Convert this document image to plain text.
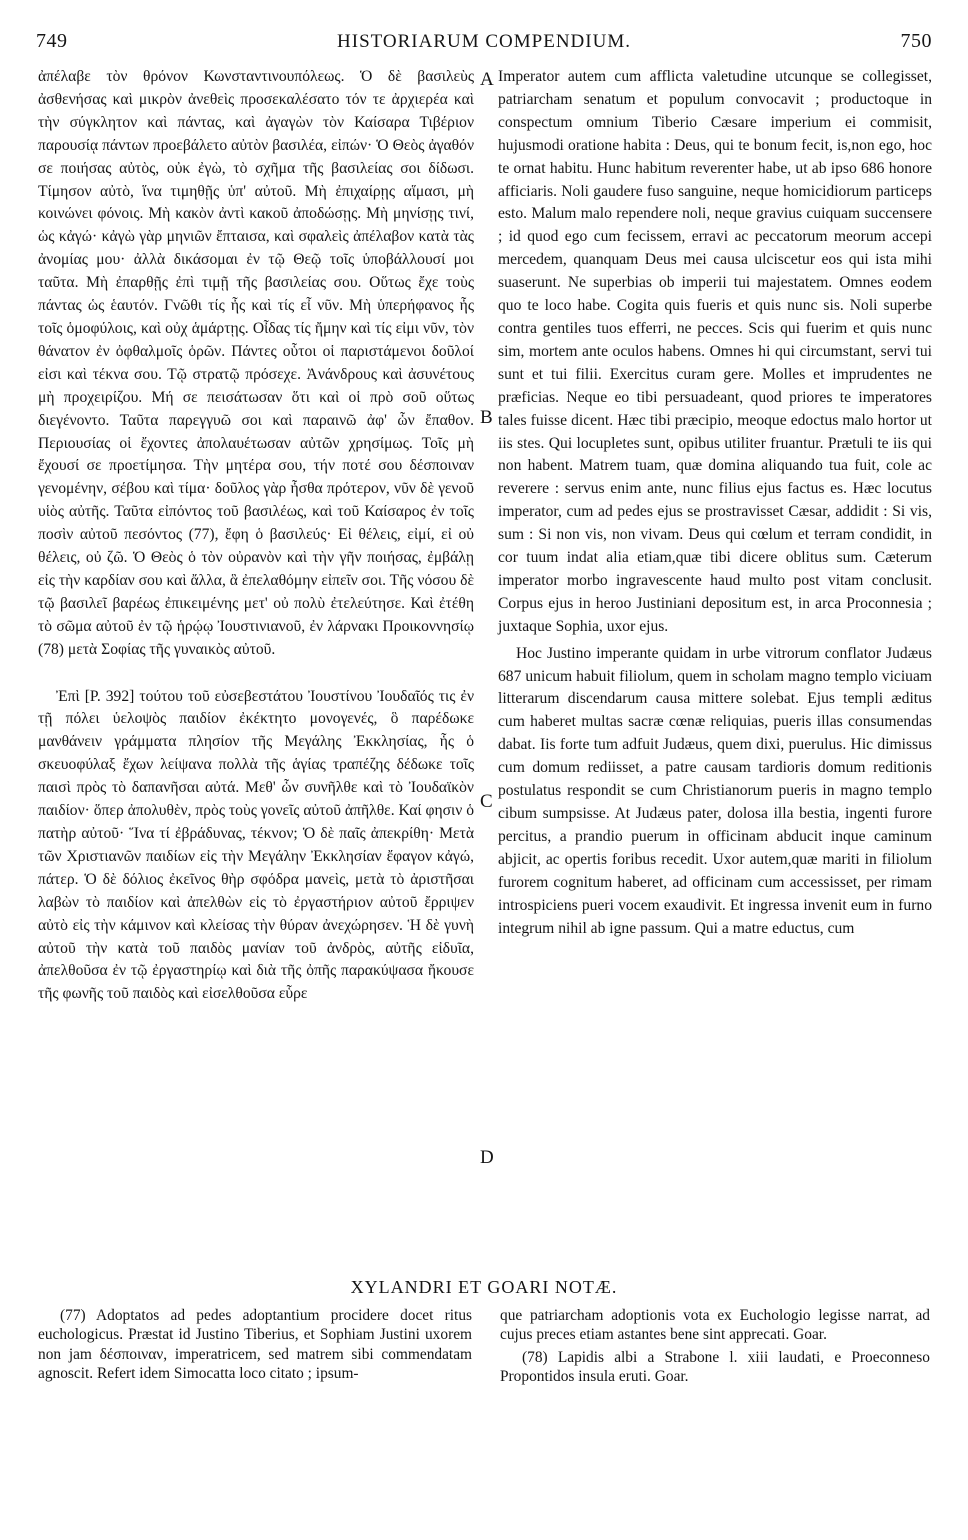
749	HISTORIARUM COMPENDIUM.	750

ἀπέλαβε τὸν θρόνον Κωνσταντινουπόλεως. Ὁ δὲ βασιλεὺς ἀσθενήσας καὶ μικρὸν ἀνεθεὶς προσεκαλέσατο τόν τε ἀρχιερέα καὶ τὴν σύγκλητον καὶ πάντας, καὶ ἀγαγὼν τὸν Καίσαρα Τιβέριον παρουσίᾳ πάντων προεβάλετο αὐτὸν βασιλέα, εἰπών· Ὁ Θεὸς ἀγαθόν σε ποιήσας αὐτὸς, οὐκ ἐγὼ, τὸ σχῆμα τῆς βασιλείας σοι δίδωσι. Τίμησον αὐτὸ, ἵνα τιμηθῇς ὑπ' αὐτοῦ. Μὴ ἐπιχαίρῃς αἵμασι, μὴ κοινώνει φόνοις. Μὴ κακὸν ἀντὶ κακοῦ ἀποδώσῃς. Μὴ μηνίσῃς τινί, ὡς κἀγώ· κἀγὼ γὰρ μηνιῶν ἔπταισα, καὶ σφαλεὶς ἀπέλαβον κατὰ τὰς ἀνομίας μου· ἀλλὰ δικάσομαι ἐν τῷ Θεῷ τοῖς ὑποβάλλουσί μοι ταῦτα. Μὴ ἐπαρθῇς ἐπὶ τιμῇ τῆς βασιλείας σου. Οὕτως ἔχε τοὺς πάντας ὡς ἑαυτόν. Γνῶθι τίς ἦς καὶ τίς εἶ νῦν. Μὴ ὑπερήφανος ἦς τοῖς ὁμοφύλοις, καὶ οὐχ ἁμάρτῃς. Οἶδας τίς ἤμην καὶ τίς εἰμι νῦν, τὸν θάνατον ἐν ὀφθαλμοῖς ὁρῶν. Πάντες οὗτοι οἱ παριστάμενοι δοῦλοί εἰσι καὶ τέκνα σου. Τῷ στρατῷ πρόσεχε. Ἀνάνδρους καὶ ἀσυνέτους μὴ προχειρίζου. Μή σε πεισάτωσαν ὅτι καὶ οἱ πρὸ σοῦ οὕτως διεγένοντο. Ταῦτα παρεγγυῶ σοι καὶ παραινῶ ἀφ' ὧν ἔπαθον. Περιουσίας οἱ ἔχοντες ἀπολαυέτωσαν αὐτῶν χρησίμως. Τοῖς μὴ ἔχουσί σε προετίμησα. Τὴν μητέρα σου, τήν ποτέ σου δέσποιναν γενομένην, σέβου καὶ τίμα· δοῦλος γὰρ ἦσθα πρότερον, νῦν δὲ γενοῦ υἱὸς αὐτῆς. Ταῦτα εἰπόντος τοῦ βασιλέως, καὶ τοῦ Καίσαρος ἐν τοῖς ποσὶν αὐτοῦ πεσόντος (77), ἔφη ὁ βασιλεύς· Εἰ θέλεις, εἰμί, εἰ οὐ θέλεις, οὐ ζῶ. Ὁ Θεὸς ὁ τὸν οὐρανὸν καὶ τὴν γῆν ποιήσας, ἐμβάλῃ εἰς τὴν καρδίαν σου καὶ ἄλλα, ἃ ἐπελαθόμην εἰπεῖν σοι. Τῆς νόσου δὲ τῷ βασιλεῖ βαρέως ἐπικειμένης μετ' οὐ πολὺ ἐτελεύτησε. Καὶ ἐτέθη τὸ σῶμα αὐτοῦ ἐν τῷ ἡρῴῳ Ἰουστινιανοῦ, ἐν λάρνακι Προικοννησίῳ (78) μετὰ Σοφίας τῆς γυναικὸς αὐτοῦ.

Ἐπὶ [P. 392] τούτου τοῦ εὐσεβεστάτου Ἰουστίνου Ἰουδαῖός τις ἐν τῇ πόλει ὑελοψὸς παιδίον ἐκέκτητο μονογενές, ὃ παρέδωκε μανθάνειν γράμματα πλησίον τῆς Μεγάλης Ἐκκλησίας, ἧς ὁ σκευοφύλαξ ἔχων λείψανα πολλὰ τῆς ἁγίας τραπέζης δέδωκε τοῖς παισὶ πρὸς τὸ δαπανῆσαι αὐτά. Μεθ' ὧν συνῆλθε καὶ τὸ Ἰουδαϊκὸν παιδίον· ὅπερ ἀπολυθὲν, πρὸς τοὺς γονεῖς αὐτοῦ ἀπῆλθε. Καί φησιν ὁ πατὴρ αὐτοῦ· Ἵνα τί ἐβράδυνας, τέκνον; Ὁ δὲ παῖς ἀπεκρίθη· Μετὰ τῶν Χριστιανῶν παιδίων εἰς τὴν Μεγάλην Ἐκκλησίαν ἔφαγον κἀγώ, πάτερ. Ὁ δὲ δόλιος ἐκεῖνος θὴρ σφόδρα μανεὶς, μετὰ τὸ ἀριστῆσαι λαβὼν τὸ παιδίον καὶ ἀπελθὼν εἰς τὸ ἐργαστήριον αὐτοῦ ἔρριψεν αὐτὸ εἰς τὴν κάμινον καὶ κλείσας τὴν θύραν ἀνεχώρησεν. Ἡ δὲ γυνὴ αὐτοῦ τὴν κατὰ τοῦ παιδὸς μανίαν τοῦ ἀνδρὸς, αὐτῆς εἰδυῖα, ἀπελθοῦσα ἐν τῷ ἐργαστηρίῳ καὶ διὰ τῆς ὀπῆς παρακύψασα ἤκουσε τῆς φωνῆς τοῦ παιδὸς καὶ εἰσελθοῦσα εὗρε

Imperator autem cum afflicta valetudine utcunque se collegisset, patriarcham senatum et populum convocavit ; productoque in conspectum omnium Tiberio Cæsare imperium ei commisit, hujusmodi oratione habita : Deus, qui te bonum fecit, is,non ego, hoc te ornat habitu. Hunc habitum reverenter habe, ut ab ipso 686 honore afficiaris. Noli gaudere fuso sanguine, neque homicidiorum particeps esto. Malum malo rependere noli, neque gravius cuiquam succensere ; id quod ego cum fecissem, erravi ac peccatorum meorum accepi mercedem, quanquam Deus mei causa ulciscetur eos qui ista mihi suaserunt. Ne superbias ob imperii tui majestatem. Omnes eodem quo te loco habe. Cogita quis fueris et quis nunc sis. Noli superbe contra gentiles tuos efferri, ne pecces. Scis qui fuerim et quis nunc sim, mortem ante oculos habens. Omnes hi qui circumstant, servi tui sunt et tui filii. Exercitus curam gere. Molles et imprudentes ne præficias. Neque eo tibi persuadeant, quod priores te imperatores tales fuisse dicent. Hæc tibi præcipio, meoque edoctus malo hortor ut iis stes. Qui locupletes sunt, opibus utiliter fruantur. Prætuli te iis qui non habent. Matrem tuam, quæ domina aliquando tua fuit, cole ac reverere : servus enim ante, nunc filius ejus factus es. Hæc locutus imperator, cum ad pedes ejus se prostravisset Cæsar, addidit : Si vis, sum : Si non vis, non vivam. Deus qui cœlum et terram condidit, in cor tuum indat alia etiam,quæ tibi dicere oblitus sum. Cæterum imperator morbo ingravescente haud multo post vitam conclusit. Corpus ejus in heroo Justiniani depositum est, in arca Proconnesia ; juxtaque Sophia, uxor ejus.

Hoc Justino imperante quidam in urbe vitrorum conflator Judæus 687 unicum habuit filiolum, quem in scholam magno templo viciuam litterarum discendarum causa mittere solebat. Ejus templi æditus cum haberet multas sacræ cœnæ reliquias, pueris illas consumendas dabat. Iis forte tum adfuit Judæus, quem dixi, puerulus. Hic dimissus cum domum rediisset, a patre causam tardioris domum reditionis postulatus respondit se cum Christianorum pueris in magno templo cibum sumpsisse. At Judæus pater, dolosa illa bestia, ingenti furore percitus, a prandio puerum in officinam abducit inque caminum abjicit, ac opertis foribus recedit. Uxor autem,quæ mariti in filiolum furorem cognitum haberet, ad officinam cum accessisset, per rimam introspiciens pueri vocem exaudivit. Et ingressa invenit eum in furno integrum nihil ab igne passum. Qui a matre eductus, cum

A
B
C
D
XYLANDRI ET GOARI NOTÆ.

(77) Adoptatos ad pedes adoptantium procidere docet ritus euchologicus. Præstat id Justino Tiberius, et Sophiam Justini uxorem non jam δέσποιναν, imperatricem, sed matrem sibi commendatam agnoscit. Refert idem Simocatta loco citato ; ipsum-

que patriarcham adoptionis vota ex Euchologio legisse narrat, ad cujus preces etiam astantes bene sint apprecati. Goar.

(78) Lapidis albi a Strabone l. xiii laudati, e Proeconneso Propontidos insula eruti. Goar.
